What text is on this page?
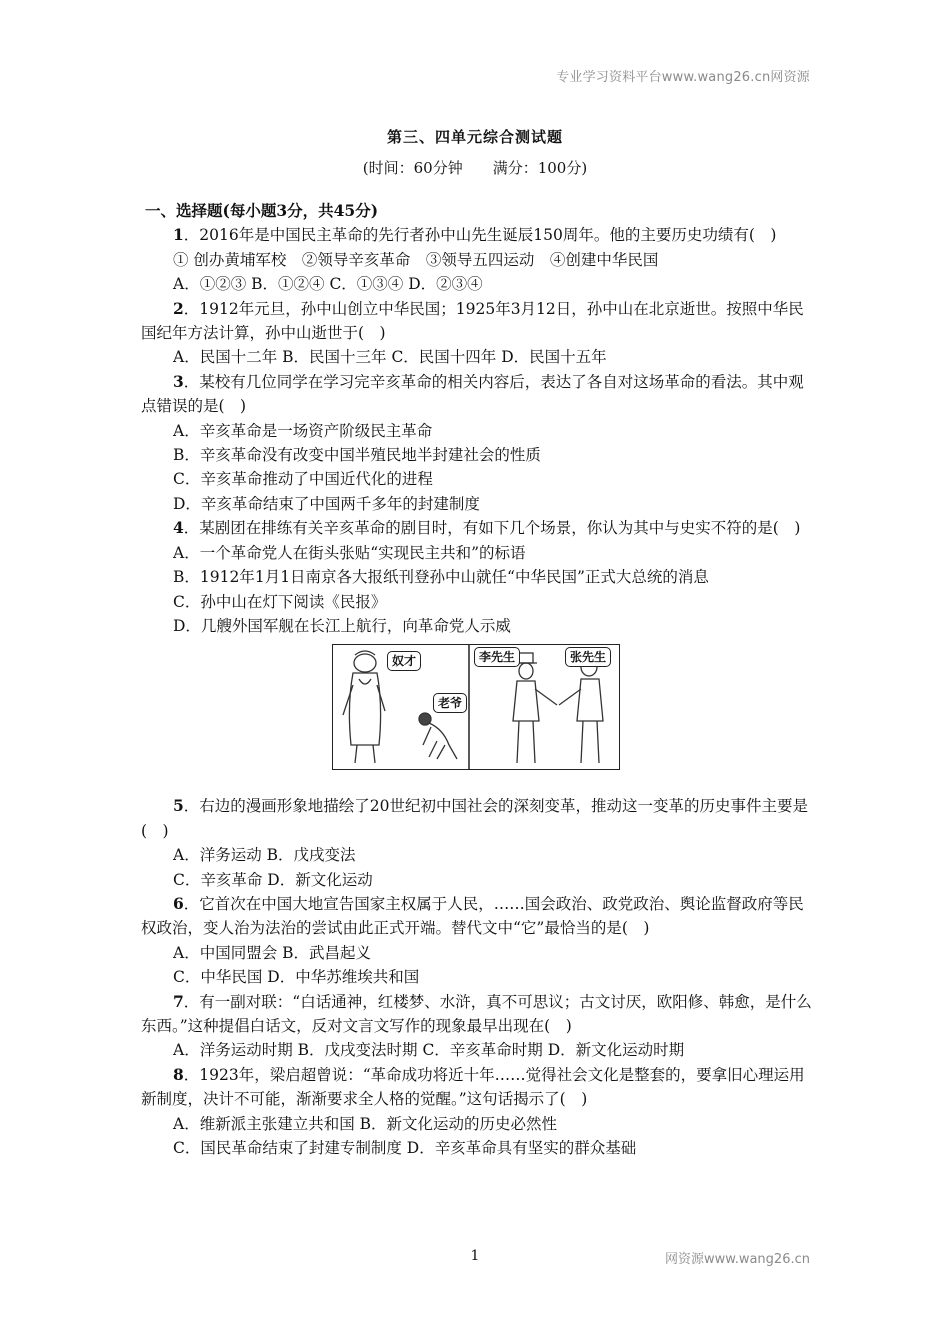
专业学习资料平台www.wang26.cn网资源
第三、四单元综合测试题
(时间：60分钟　　满分：100分)

一、选择题(每小题3分，共45分)

1．2016年是中国民主革命的先行者孙中山先生诞辰150周年。他的主要历史功绩有(　)

① 创办黄埔军校　②领导辛亥革命　③领导五四运动　④创建中华民国

A．①②③ B．①②④ C．①③④ D．②③④

2．1912年元旦，孙中山创立中华民国；1925年3月12日，孙中山在北京逝世。按照中华民国纪年方法计算，孙中山逝世于(　)

A．民国十二年 B．民国十三年 C．民国十四年 D．民国十五年

3．某校有几位同学在学习完辛亥革命的相关内容后，表达了各自对这场革命的看法。其中观点错误的是(　)

A．辛亥革命是一场资产阶级民主革命

B．辛亥革命没有改变中国半殖民地半封建社会的性质

C．辛亥革命推动了中国近代化的进程

D．辛亥革命结束了中国两千多年的封建制度

4．某剧团在排练有关辛亥革命的剧目时，有如下几个场景，你认为其中与史实不符的是(　)

A．一个革命党人在街头张贴“实现民主共和”的标语

B．1912年1月1日南京各大报纸刊登孙中山就任“中华民国”正式大总统的消息

C．孙中山在灯下阅读《民报》

D．几艘外国军舰在长江上航行，向革命党人示威

奴才
老爷
李先生	张先生

5．右边的漫画形象地描绘了20世纪初中国社会的深刻变革，推动这一变革的历史事件主要是(　)

A．洋务运动 B．戊戌变法

C．辛亥革命 D．新文化运动

6．它首次在中国大地宣告国家主权属于人民，……国会政治、政党政治、舆论监督政府等民权政治，变人治为法治的尝试由此正式开端。替代文中“它”最恰当的是(　)

A．中国同盟会 B．武昌起义

C．中华民国 D．中华苏维埃共和国

7．有一副对联：“白话通神，红楼梦、水浒，真不可思议；古文讨厌，欧阳修、韩愈，是什么东西。”这种提倡白话文，反对文言文写作的现象最早出现在(　)

A．洋务运动时期 B．戊戌变法时期 C．辛亥革命时期 D．新文化运动时期

8．1923年，梁启超曾说：“革命成功将近十年……觉得社会文化是整套的，要拿旧心理运用新制度，决计不可能，渐渐要求全人格的觉醒。”这句话揭示了(　)

A．维新派主张建立共和国 B．新文化运动的历史必然性

C．国民革命结束了封建专制制度 D．辛亥革命具有坚实的群众基础

1	网资源www.wang26.cn
